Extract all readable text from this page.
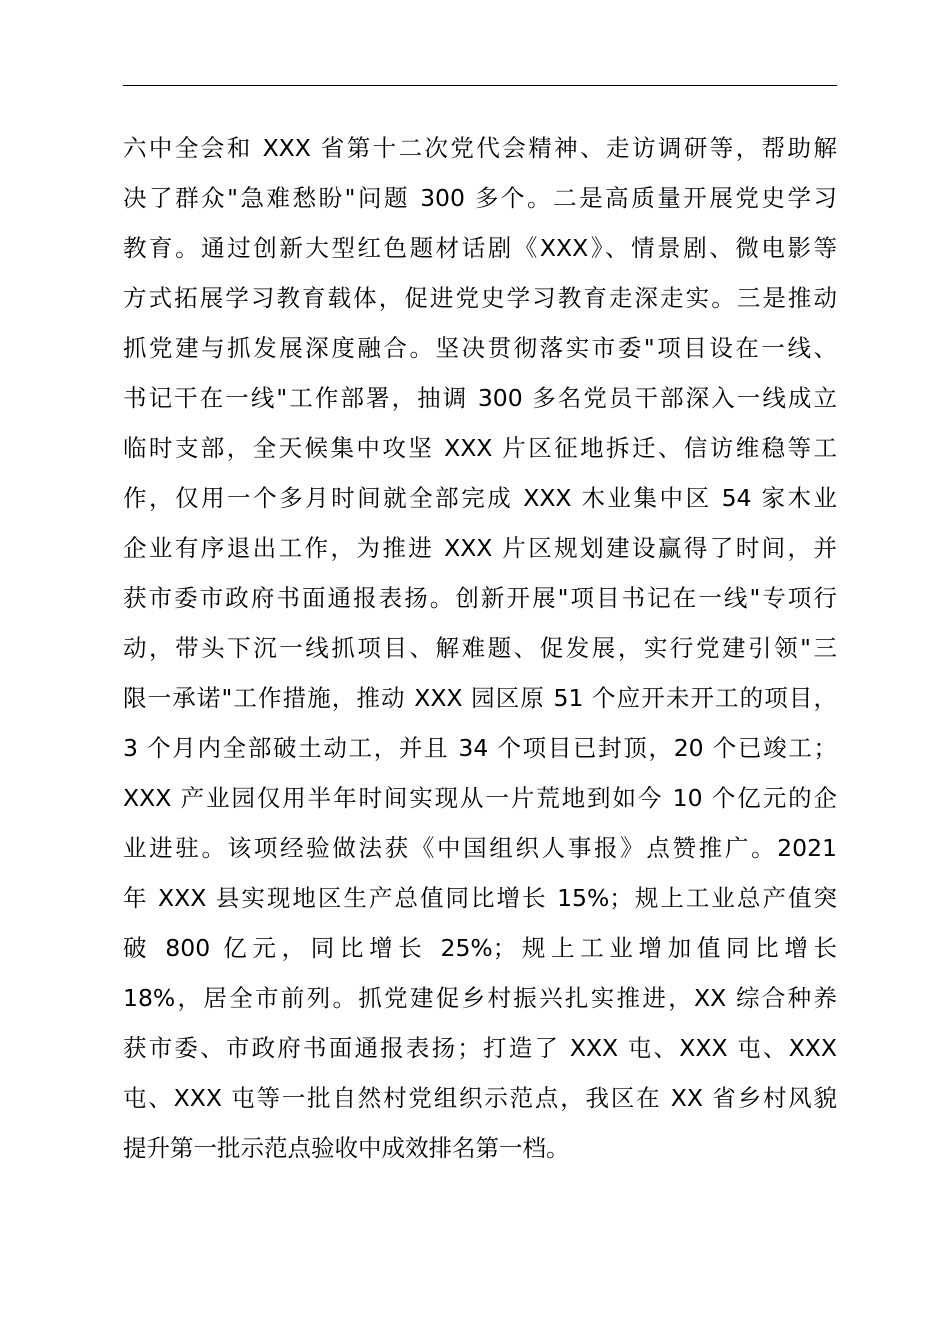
六中全会和 XXX 省第十二次党代会精神、走访调研等，帮助解
决了群众"急难愁盼"问题 300 多个。二是高质量开展党史学习
教育。通过创新大型红色题材话剧《XXX》、情景剧、微电影等
方式拓展学习教育载体，促进党史学习教育走深走实。三是推动
抓党建与抓发展深度融合。坚决贯彻落实市委"项目设在一线、
书记干在一线"工作部署，抽调 300 多名党员干部深入一线成立
临时支部，全天候集中攻坚 XXX 片区征地拆迁、信访维稳等工
作，仅用一个多月时间就全部完成 XXX 木业集中区 54 家木业
企业有序退出工作，为推进 XXX 片区规划建设赢得了时间，并
获市委市政府书面通报表扬。创新开展"项目书记在一线"专项行
动，带头下沉一线抓项目、解难题、促发展，实行党建引领"三
限一承诺"工作措施，推动 XXX 园区原 51 个应开未开工的项目，
3 个月内全部破土动工，并且 34 个项目已封顶，20 个已竣工；
XXX 产业园仅用半年时间实现从一片荒地到如今 10 个亿元的企
业进驻。该项经验做法获《中国组织人事报》点赞推广。2021
年 XXX 县实现地区生产总值同比增长 15%；规上工业总产值突
破 800 亿元，同比增长 25%；规上工业增加值同比增长
18%，居全市前列。抓党建促乡村振兴扎实推进，XX 综合种养
获市委、市政府书面通报表扬；打造了 XXX 屯、XXX 屯、XXX
屯、XXX 屯等一批自然村党组织示范点，我区在 XX 省乡村风貌
提升第一批示范点验收中成效排名第一档。
